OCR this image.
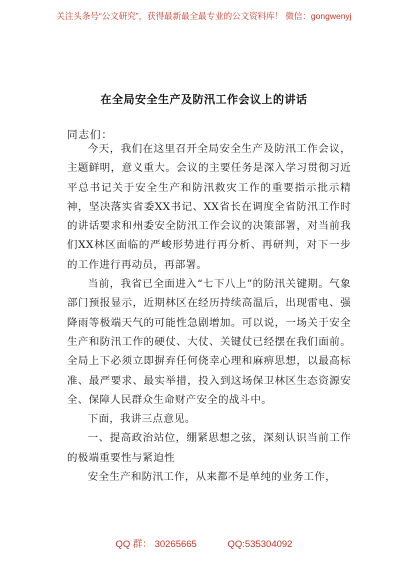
关注头条号“公文研究”，获得最新最全最专业的公文资料库！ 微信：gongwenyj
在全局安全生产及防汛工作会议上的讲话
同志们：

今天，我们在这里召开全局安全生产及防汛工作会议，主题鲜明，意义重大。会议的主要任务是深入学习贯彻习近平总书记关于安全生产和防汛救灾工作的重要指示批示精神，坚决落实省委XX书记、XX省长在调度全省防汛工作时的讲话要求和州委安全防汛工作会议的决策部署，对当前我们XX林区面临的严峻形势进行再分析、再研判，对下一步的工作进行再动员，再部署。

当前，我省已全面进入“七下八上”的防汛关键期。气象部门预报显示，近期林区在经历持续高温后，出现雷电、强降雨等极端天气的可能性急剧增加。可以说，一场关于安全生产和防汛工作的硬仗、大仗、关键仗已经摆在我们面前。全局上下必须立即摒弃任何侥幸心理和麻痹思想，以最高标准、最严要求、最实举措，投入到这场保卫林区生态资源安全、保障人民群众生命财产安全的战斗中。

下面，我讲三点意见。

一、提高政治站位，绷紧思想之弦，深刻认识当前工作的极端重要性与紧迫性

安全生产和防汛工作，从来都不是单纯的业务工作，

QQ 群： 30265665	QQ:535304092
